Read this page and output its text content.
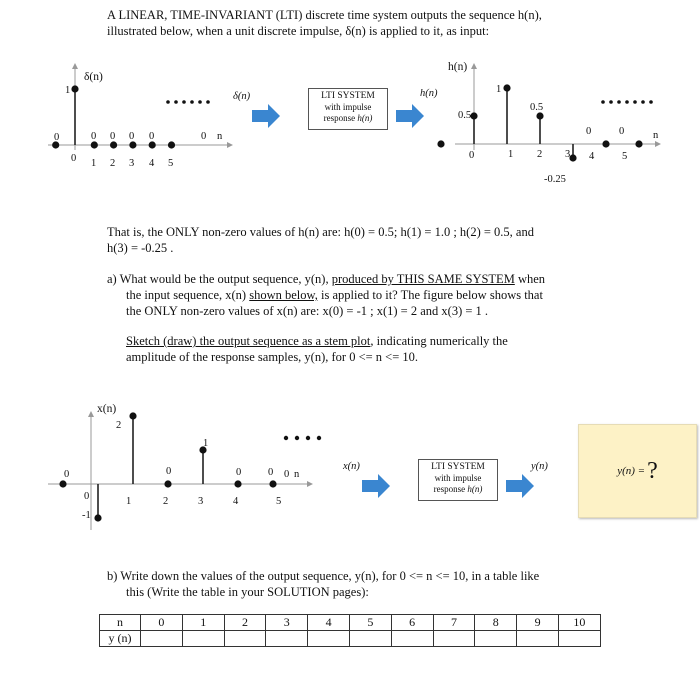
A LINEAR, TIME-INVARIANT (LTI) discrete time system outputs the sequence h(n),
illustrated below, when a unit discrete impulse, δ(n) is applied to it, as input:
δ(n)
1
n
0 1 2 3 4 5
0	0 0 0 0	0
h(n)
n
0	1 2 3 4	5
0.5
1
0.5
-0.25
0	0
δ(n)	h(n)
x(n)
n
0	1	2	3	4	5
2
1
-1
0	0	0	0 0
x(n)	y(n)
LTI SYSTEM
with impulse
response h(n)
That is, the ONLY non-zero values of h(n) are: h(0) = 0.5; h(1) = 1.0 ; h(2) = 0.5, and
h(3) = -0.25 .
a) What would be the output sequence, y(n), produced by THIS SAME SYSTEM when
the input sequence, x(n) shown below, is applied to it? The figure below shows that
the ONLY non-zero values of x(n) are: x(0) = -1 ; x(1) = 2 and x(3) = 1 .
Sketch (draw) the output sequence as a stem plot, indicating numerically the
amplitude of the response samples, y(n), for 0 <= n <= 10.
LTI SYSTEM
with impulse
response h(n)
y(n) = ?
b) Write down the values of the output sequence, y(n), for 0 <= n <= 10, in a table like
this (Write the table in your SOLUTION pages):
n	0	1	2	3	4	5	6	7	8	9	10
y (n)											
